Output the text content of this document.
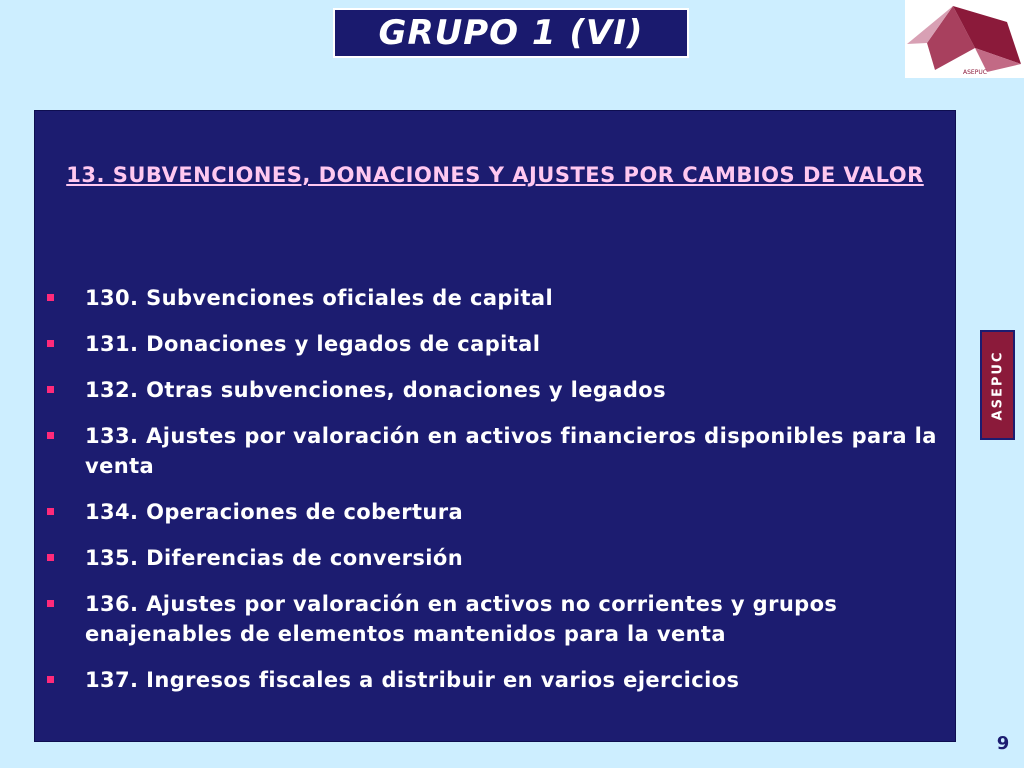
GRUPO 1 (VI)
ASEPUC
13. SUBVENCIONES, DONACIONES Y AJUSTES POR CAMBIOS DE VALOR
130. Subvenciones oficiales de capital
131. Donaciones y legados de capital
132. Otras subvenciones, donaciones y legados
133. Ajustes por valoración en activos financieros disponibles para la venta
134. Operaciones de cobertura
135. Diferencias de conversión
136. Ajustes por valoración en activos no corrientes y grupos enajenables de elementos mantenidos para la venta
137. Ingresos fiscales a distribuir en varios ejercicios
ASEPUC
9
